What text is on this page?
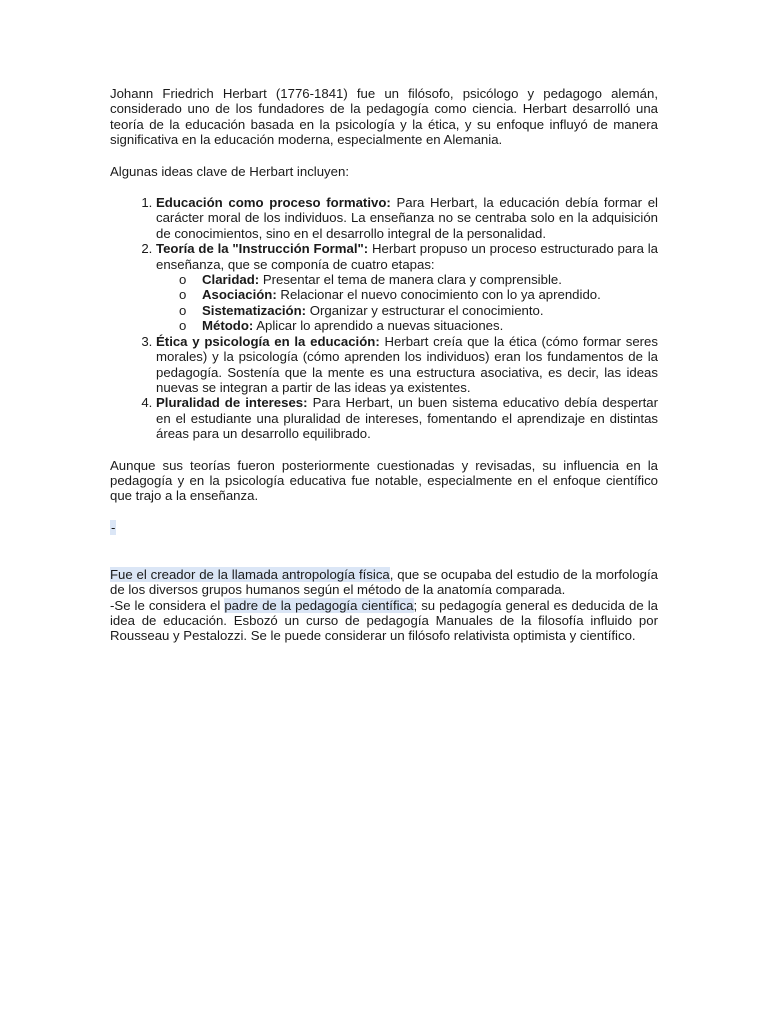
Johann Friedrich Herbart (1776-1841) fue un filósofo, psicólogo y pedagogo alemán, considerado uno de los fundadores de la pedagogía como ciencia. Herbart desarrolló una teoría de la educación basada en la psicología y la ética, y su enfoque influyó de manera significativa en la educación moderna, especialmente en Alemania.

Algunas ideas clave de Herbart incluyen:

1. Educación como proceso formativo: Para Herbart, la educación debía formar el carácter moral de los individuos. La enseñanza no se centraba solo en la adquisición de conocimientos, sino en el desarrollo integral de la personalidad.
2. Teoría de la "Instrucción Formal": Herbart propuso un proceso estructurado para la enseñanza, que se componía de cuatro etapas:
o Claridad: Presentar el tema de manera clara y comprensible.
o Asociación: Relacionar el nuevo conocimiento con lo ya aprendido.
o Sistematización: Organizar y estructurar el conocimiento.
o Método: Aplicar lo aprendido a nuevas situaciones.
3. Ética y psicología en la educación: Herbart creía que la ética (cómo formar seres morales) y la psicología (cómo aprenden los individuos) eran los fundamentos de la pedagogía. Sostenía que la mente es una estructura asociativa, es decir, las ideas nuevas se integran a partir de las ideas ya existentes.
4. Pluralidad de intereses: Para Herbart, un buen sistema educativo debía despertar en el estudiante una pluralidad de intereses, fomentando el aprendizaje en distintas áreas para un desarrollo equilibrado.

Aunque sus teorías fueron posteriormente cuestionadas y revisadas, su influencia en la pedagogía y en la psicología educativa fue notable, especialmente en el enfoque científico que trajo a la enseñanza.

-

Fue el creador de la llamada antropología física, que se ocupaba del estudio de la morfología de los diversos grupos humanos según el método de la anatomía comparada.

-Se le considera el padre de la pedagogía científica; su pedagogía general es deducida de la idea de educación. Esbozó un curso de pedagogía Manuales de la filosofía influido por Rousseau y Pestalozzi. Se le puede considerar un filósofo relativista optimista y científico.
